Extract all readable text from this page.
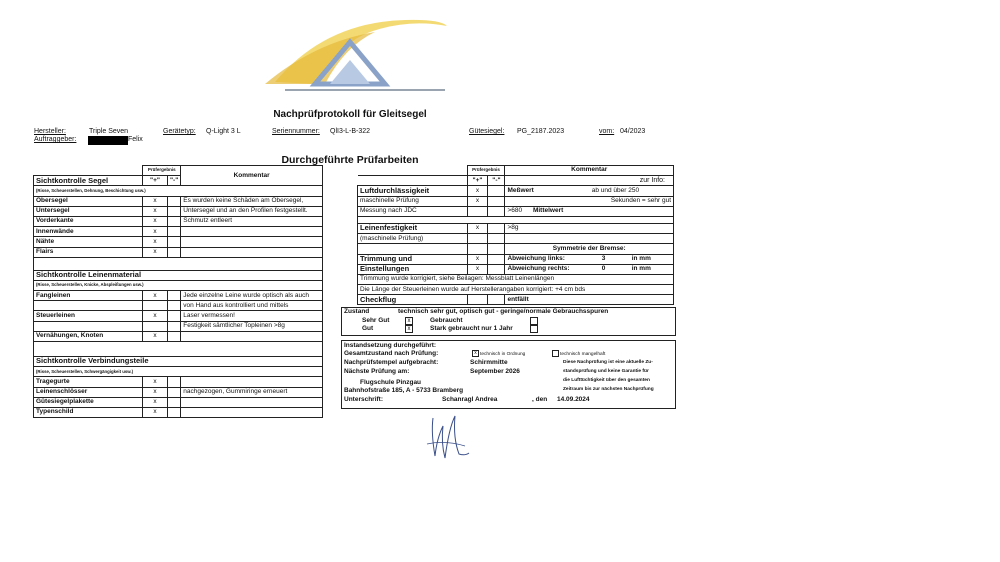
Nachprüfprotokoll für Gleitsegel
Hersteller:	Triple Seven	Gerätetyp: Q-Light 3 L	Seriennummer: QlI3-L-B-322	Gütesiegel: PG_2187.2023	vom: 04/2023
Auftraggeber:	Felix
Durchgeführte Prüfarbeiten
	Prüfergebnis		Kommentar
Sichtkontrolle Segel	"+"	"-"	
(Risse, Scheuerstellen, Dehnung, Beschichtung usw.)			
Obersegel	x		Es wurden keine Schäden am Obersegel,
Untersegel	x		Untersegel und an den Profilen festgestellt.
Vorderkante	x		Schmutz entleert
Innenwände	x		
Nähte	x		
Flairs	x		

Sichtkontrolle Leinenmaterial			
(Risse, Scheuerstellen, Knicke, Abspleißungen usw.)			
Fangleinen	x		Jede einzelne Leine wurde optisch als auch
			von Hand aus kontrolliert und mittels
Steuerleinen	x		Laser vermessen!
			Festigkeit sämtlicher Topleinen >8g
Vernähungen, Knoten	x		

Sichtkontrolle Verbindungsteile			
(Risse, Scheuerstellen, Schwergängigkeit usw.)			
Tragegurte	x		
Leinenschlösser	x		nachgezogen, Gummiringe erneuert
Gütesiegelplakette	x		
Typenschild	x		
	Prüfergebnis		Kommentar	
	"+"	"-"	zur Info:	
Luftdurchlässigkeit	x		Meßwert	ab und über 250
maschinelle Prüfung	x			Sekunden = sehr gut
Messung nach JDC			>680 Mittelwert	

Leinenfestigkeit	x		>8g	
(maschinelle Prüfung)				
			Symmetrie der Bremse:	
Trimmung und	x		Abweichung links:	3 in mm
Einstellungen	x		Abweichung rechts:	0 in mm
Trimmung wurde korrigiert, siehe Beilagen: Messblatt Leinenlängen				
Die Länge der Steuerleinen wurde auf Herstellerangaben korrigiert: +4 cm bds				
Checkflug			entfällt	
Zustand	technisch sehr gut, optisch gut - geringe/normale Gebrauchsspuren
Sehr Gut	x	Gebraucht
Gut	x	Stark gebraucht nur 1 Jahr
Instandsetzung durchgeführt:
Gesamtzustand nach Prüfung:	x technisch in Ordnung	technisch mangelhaft
Nachprüfstempel aufgebracht:	Schirmmitte
Nächste Prüfung am:	September 2026
Diese Nachprüfung ist eine aktuelle Zu-
standsprüfung und keine Garantie für
die Lufttüchtigkeit über den gesamten
Zeitraum bis zur nächsten Nachprüfung
Flugschule Pinzgau
Bahnhofstraße 185, A - 5733 Bramberg
Unterschrift:	Schanragl Andrea	, den 14.09.2024
